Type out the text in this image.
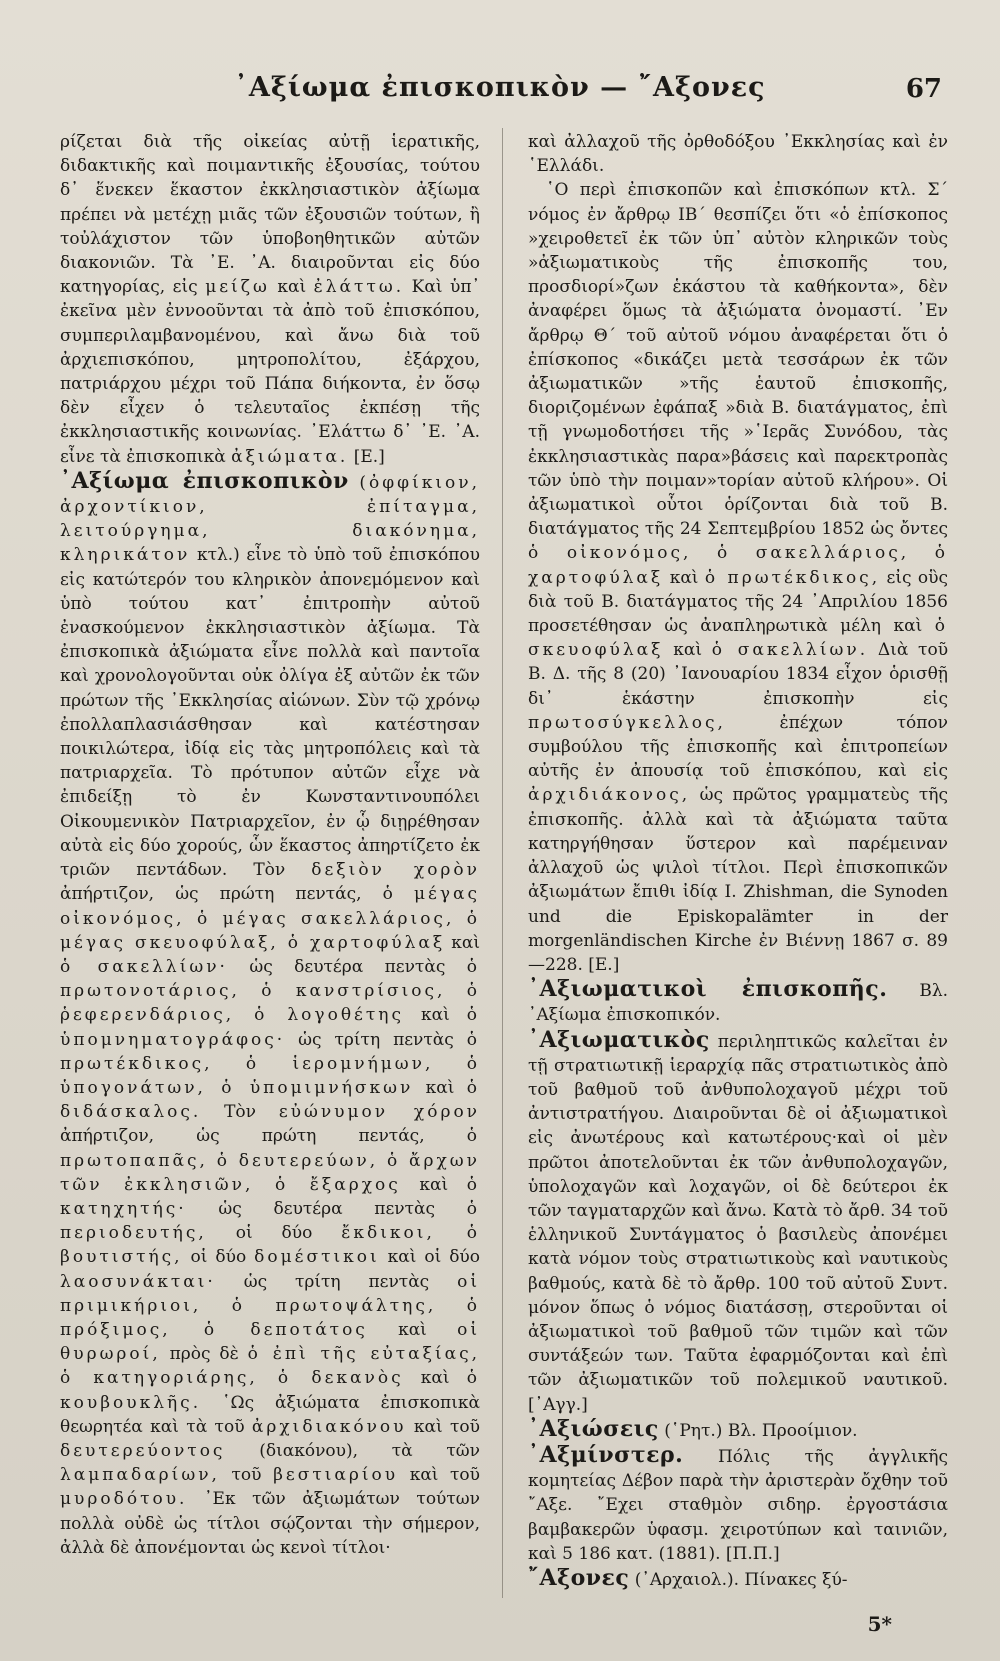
᾿Αξίωμα ἐπισκοπικὸν — ῎Αξονες	67

ρίζεται διὰ τῆς οἰκείας αὐτῇ ἱερατικῆς, διδακτικῆς καὶ ποιμαντικῆς ἐξουσίας, τούτου δ᾿ ἕνεκεν ἕκαστον ἐκκλησιαστικὸν ἀξίωμα πρέπει νὰ μετέχῃ μιᾶς τῶν ἐξουσιῶν τούτων, ἢ τοὐλάχιστον τῶν ὑποβοηθητικῶν αὐτῶν διακονιῶν. Τὰ ᾿Ε. ᾿Α. διαιροῦνται εἰς δύο κατηγορίας, εἰς μείζω καὶ ἐλάττω. Καὶ ὑπ᾿ ἐκεῖνα μὲν ἐννοοῦνται τὰ ἀπὸ τοῦ ἐπισκόπου, συμπεριλαμβανομένου, καὶ ἄνω διὰ τοῦ ἀρχιεπισκόπου, μητροπολίτου, ἐξάρχου, πατριάρχου μέχρι τοῦ Πάπα διήκοντα, ἐν ὅσῳ δὲν εἶχεν ὁ τελευταῖος ἐκπέσῃ τῆς ἐκκλησιαστικῆς κοινωνίας. ᾿Ελάττω δ᾿ ᾿Ε. ᾿Α. εἶνε τὰ ἐπισκοπικὰ ἀξιώματα. [Ε.]

᾿Αξίωμα ἐπισκοπικὸν (ὀφφίκιον, ἀρχοντίκιον, ἐπίταγμα, λειτούργημα, διακόνημα, κληρικάτον κτλ.) εἶνε τὸ ὑπὸ τοῦ ἐπισκόπου εἰς κατώτερόν του κληρικὸν ἀπονεμόμενον καὶ ὑπὸ τούτου κατ᾿ ἐπιτροπὴν αὐτοῦ ἐνασκούμενον ἐκκλησιαστικὸν ἀξίωμα. Τὰ ἐπισκοπικὰ ἀξιώματα εἶνε πολλὰ καὶ παντοῖα καὶ χρονολογοῦνται οὐκ ὀλίγα ἐξ αὐτῶν ἐκ τῶν πρώτων τῆς ᾿Εκκλησίας αἰώνων. Σὺν τῷ χρόνῳ ἐπολλαπλασιάσθησαν καὶ κατέστησαν ποικιλώτερα, ἰδίᾳ εἰς τὰς μητροπόλεις καὶ τὰ πατριαρχεῖα. Τὸ πρότυπον αὐτῶν εἶχε νὰ ἐπιδείξῃ τὸ ἐν Κωνσταντινουπόλει Οἰκουμενικὸν Πατριαρχεῖον, ἐν ᾧ διῃρέθησαν αὐτὰ εἰς δύο χορούς, ὧν ἕκαστος ἀπηρτίζετο ἐκ τριῶν πεντάδων. Τὸν δεξιὸν χορὸν ἀπήρτιζον, ὡς πρώτη πεντάς, ὁ μέγας οἰκονόμος, ὁ μέγας σακελλάριος, ὁ μέγας σκευοφύλαξ, ὁ χαρτοφύλαξ καὶ ὁ σακελλίων· ὡς δευτέρα πεντὰς ὁ πρωτονοτάριος, ὁ κανστρίσιος, ὁ ῥεφερενδάριος, ὁ λογοθέτης καὶ ὁ ὑπομνηματογράφος· ὡς τρίτη πεντὰς ὁ πρωτέκδικος, ὁ ἱερομνήμων, ὁ ὑπογονάτων, ὁ ὑπομιμνήσκων καὶ ὁ διδάσκαλος. Τὸν εὐώνυμον χόρον ἀπήρτιζον, ὡς πρώτη πεντάς, ὁ πρωτοπαπᾶς, ὁ δευτερεύων, ὁ ἄρχων τῶν ἐκκλησιῶν, ὁ ἔξαρχος καὶ ὁ κατηχητής· ὡς δευτέρα πεντὰς ὁ περιοδευτής, οἱ δύο ἔκδικοι, ὁ βουτιστής, οἱ δύο δομέστικοι καὶ οἱ δύο λαοσυνάκται· ὡς τρίτη πεντὰς οἱ πριμικήριοι, ὁ πρωτοψάλτης, ὁ πρόξιμος, ὁ δεποτάτος καὶ οἱ θυρωροί, πρὸς δὲ ὁ ἐπὶ τῆς εὐταξίας, ὁ κατηγοριάρης, ὁ δεκανὸς καὶ ὁ κουβουκλῆς. ῾Ως ἀξιώματα ἐπισκοπικὰ θεωρητέα καὶ τὰ τοῦ ἀρχιδιακόνου καὶ τοῦ δευτερεύοντος (διακόνου), τὰ τῶν λαμπαδαρίων, τοῦ βεστιαρίου καὶ τοῦ μυροδότου. ᾿Εκ τῶν ἀξιωμάτων τούτων πολλὰ οὐδὲ ὡς τίτλοι σῴζονται τὴν σήμερον, ἀλλὰ δὲ ἀπονέμονται ὡς κενοὶ τίτλοι·

καὶ ἀλλαχοῦ τῆς ὀρθοδόξου ᾿Εκκλησίας καὶ ἐν ῾Ελλάδι.

῾Ο περὶ ἐπισκοπῶν καὶ ἐπισκόπων κτλ. Σ´ νόμος ἐν ἄρθρῳ ΙΒ´ θεσπίζει ὅτι «ὁ ἐπίσκοπος »χειροθετεῖ ἐκ τῶν ὑπ᾿ αὐτὸν κληρικῶν τοὺς »ἀξιωματικοὺς τῆς ἐπισκοπῆς του, προσδιορί»ζων ἑκάστου τὰ καθήκοντα», δὲν ἀναφέρει ὅμως τὰ ἀξιώματα ὀνομαστί. ᾿Εν ἄρθρῳ Θ´ τοῦ αὐτοῦ νόμου ἀναφέρεται ὅτι ὁ ἐπίσκοπος «δικάζει μετὰ τεσσάρων ἐκ τῶν ἀξιωματικῶν »τῆς ἑαυτοῦ ἐπισκοπῆς, διοριζομένων ἐφάπαξ »διὰ Β. διατάγματος, ἐπὶ τῇ γνωμοδοτήσει τῆς »῾Ιερᾶς Συνόδου, τὰς ἐκκλησιαστικὰς παρα»βάσεις καὶ παρεκτροπὰς τῶν ὑπὸ τὴν ποιμαν»τορίαν αὐτοῦ κλήρου». Οἱ ἀξιωματικοὶ οὗτοι ὁρίζονται διὰ τοῦ Β. διατάγματος τῆς 24 Σεπτεμβρίου 1852 ὡς ὄντες ὁ οἰκονόμος, ὁ σακελλάριος, ὁ χαρτοφύλαξ καὶ ὁ πρωτέκδικος, εἰς οὓς διὰ τοῦ Β. διατάγματος τῆς 24 ᾿Απριλίου 1856 προσετέθησαν ὡς ἀναπληρωτικὰ μέλη καὶ ὁ σκευοφύλαξ καὶ ὁ σακελλίων. Διὰ τοῦ Β. Δ. τῆς 8 (20) ᾿Ιανουαρίου 1834 εἶχον ὁρισθῇ δι᾿ ἑκάστην ἐπισκοπὴν εἰς πρωτοσύγκελλος,	ἐπέχων τόπον συμβούλου τῆς ἐπισκοπῆς καὶ ἐπιτροπείων αὐτῆς ἐν ἀπουσίᾳ τοῦ ἐπισκόπου, καὶ εἰς ἀρχιδιάκονος, ὡς πρῶτος γραμματεὺς τῆς ἐπισκοπῆς. ἀλλὰ καὶ τὰ ἀξιώματα ταῦτα κατηργήθησαν ὕστερον καὶ παρέμειναν ἀλλαχοῦ ὡς ψιλοὶ τίτλοι. Περὶ ἐπισκοπικῶν ἀξιωμάτων ἔπιθι ἰδίᾳ I. Zhishman, die Synoden und die Episkopalämter in der morgenländischen Kirche ἐν Βιέννῃ 1867 σ. 89—228. [Ε.]

᾿Αξιωματικοὶ ἐπισκοπῆς. Βλ. ᾿Αξίωμα ἐπισκοπικόν.

᾿Αξιωματικὸς περιληπτικῶς καλεῖται ἐν τῇ στρατιωτικῇ ἱεραρχίᾳ πᾶς στρατιωτικὸς ἀπὸ τοῦ βαθμοῦ τοῦ ἀνθυπολοχαγοῦ μέχρι τοῦ ἀντιστρατήγου. Διαιροῦνται δὲ οἱ ἀξιωματικοὶ εἰς ἀνωτέρους καὶ κατωτέρους·καὶ οἱ μὲν πρῶτοι ἀποτελοῦνται ἐκ τῶν ἀνθυπολοχαγῶν, ὑπολοχαγῶν καὶ λοχαγῶν, οἱ δὲ δεύτεροι ἐκ τῶν ταγματαρχῶν καὶ ἄνω. Κατὰ τὸ ἄρθ. 34 τοῦ ἑλληνικοῦ Συντάγματος ὁ βασιλεὺς ἀπονέμει κατὰ νόμον τοὺς στρατιωτικοὺς καὶ ναυτικοὺς βαθμούς, κατὰ δὲ τὸ ἄρθρ. 100 τοῦ αὐτοῦ Συντ. μόνον ὅπως ὁ νόμος διατάσσῃ, στεροῦνται οἱ ἀξιωματικοὶ τοῦ βαθμοῦ τῶν τιμῶν καὶ τῶν συντάξεών των. Ταῦτα ἐφαρμόζονται καὶ ἐπὶ τῶν ἀξιωματικῶν τοῦ πολεμικοῦ ναυτικοῦ. [᾿Αγγ.]

᾿Αξιώσεις (῾Ρητ.) Βλ. Προοίμιον.

᾿Αξμίνστερ. Πόλις τῆς ἀγγλικῆς κομητείας Δέβον παρὰ τὴν ἀριστερὰν ὄχθην τοῦ ῎Αξε. ῎Εχει σταθμὸν σιδηρ. ἐργοστάσια βαμβακερῶν ὑφασμ. χειροτύπων καὶ ταινιῶν, καὶ 5 186 κατ. (1881). [Π.Π.]

῎Αξονες (᾿Αρχαιολ.). Πίνακες ξύ-

5*
